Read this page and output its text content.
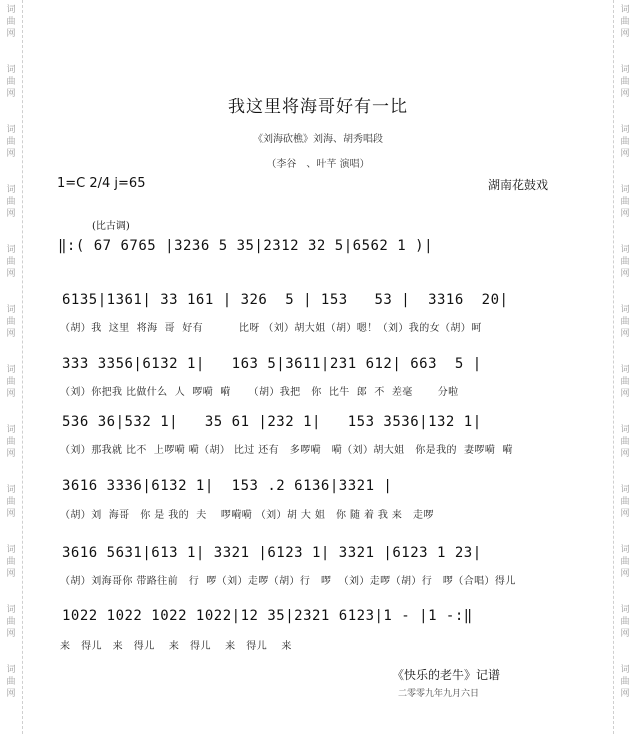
词
曲
网
词
曲
网
词
曲
网
词
曲
网
词
曲
网
词
曲
网
词
曲
网
词
曲
网
词
曲
网
词
曲
网
词
曲
网
词
曲
网
词
曲
网
词
曲
网
词
曲
网
词
曲
网
词
曲
网
词
曲
网
词
曲
网
词
曲
网
词
曲
网
词
曲
网
词
曲
网
词
曲
网
我这里将海哥好有一比
《刘海砍樵》刘海、胡秀唱段
（李谷　、叶芊 演唱）
1=C 2/4 j=65	湖南花鼓戏
(比古调)
‖:( 67 6765 |3236 5 35|2312 32 5|6562 1 )|
6135|1361| 33 161 | 326  5 | 153   53 |  3316  20|
（胡）我  这里  将海  哥  好有          比呀 （刘）胡大姐（胡）嗯！（刘）我的女（胡）呵
333 3356|6132 1|   163 5|3611|231 612| 663  5 |
（刘）你把我 比做什么  人  啰嗬  嗬     （胡）我把   你  比牛  郎  不  差毫       分啦
536 36|532 1|   35 61 |232 1|   153 3536|132 1|
（刘）那我就 比不  上啰嗬 嗬（胡） 比过 还有   多啰嗬   嗬（刘）胡大姐   你是我的  妻啰嗬  嗬
3616 3336|6132 1|  153 .2 6136|3321 |
（胡）刘  海哥   你 是 我的  夫    啰嗬嗬 （刘）胡 大 姐   你 随 着 我 来   走啰
3616 5631|613 1| 3321 |6123 1| 3321 |6123 1 23|
（胡）刘海哥你 带路往前   行  啰（刘）走啰（胡）行   啰  （刘）走啰（胡）行   啰（合唱）得儿
1022 1022 1022 1022|12 35|2321 6123|1 - |1 -:‖
来   得儿   来   得儿    来   得儿    来   得儿    来
《快乐的老牛》记谱
二零零九年九月六日
